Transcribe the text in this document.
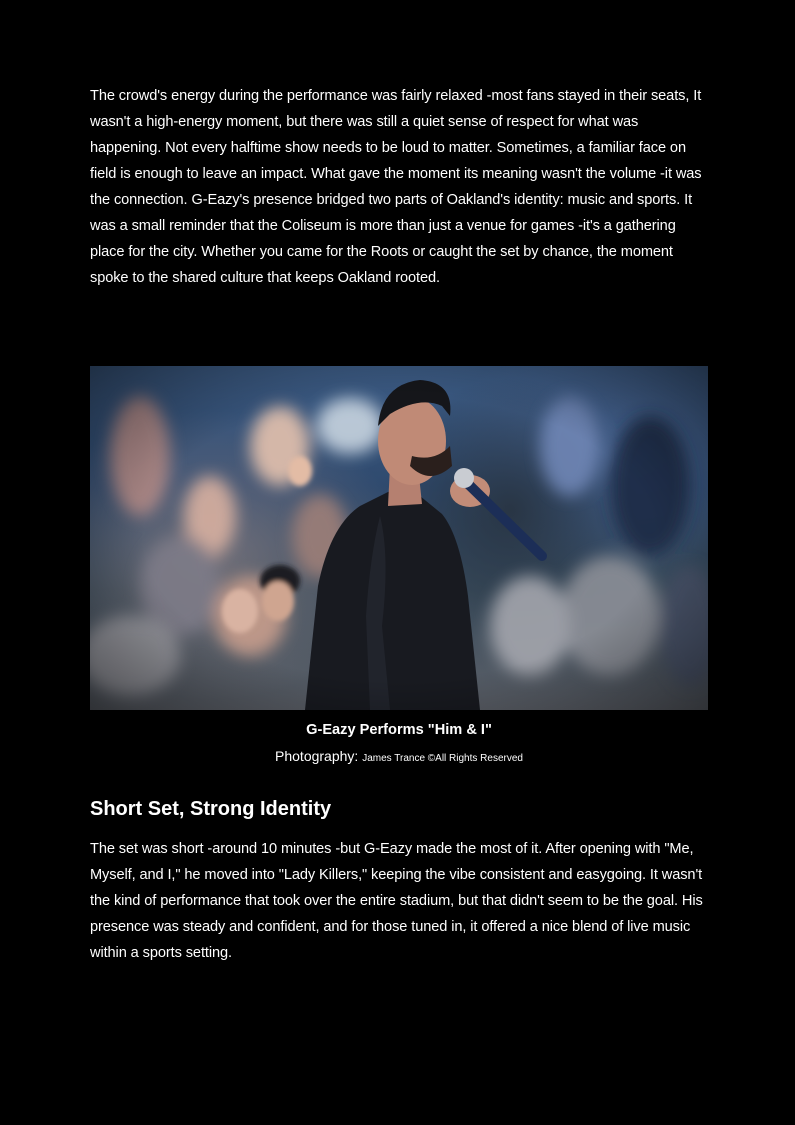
The crowd's energy during the performance was fairly relaxed -most fans stayed in their seats, It wasn't a high-energy moment, but there was still a quiet sense of respect for what was happening. Not every halftime show needs to be loud to matter. Sometimes, a familiar face on field is enough to leave an impact. What gave the moment its meaning wasn't the volume -it was the connection. G-Eazy's presence bridged two parts of Oakland's identity: music and sports. It was a small reminder that the Coliseum is more than just a venue for games -it's a gathering place for the city. Whether you came for the Roots or caught the set by chance, the moment spoke to the shared culture that keeps Oakland rooted.

G-Eazy Performs "Him & I"

Photography: James Trance ©All Rights Reserved

Short Set, Strong Identity

The set was short -around 10 minutes -but G-Eazy made the most of it. After opening with "Me, Myself, and I," he moved into "Lady Killers," keeping the vibe consistent and easygoing. It wasn't the kind of performance that took over the entire stadium, but that didn't seem to be the goal. His presence was steady and confident, and for those tuned in, it offered a nice blend of live music within a sports setting.
